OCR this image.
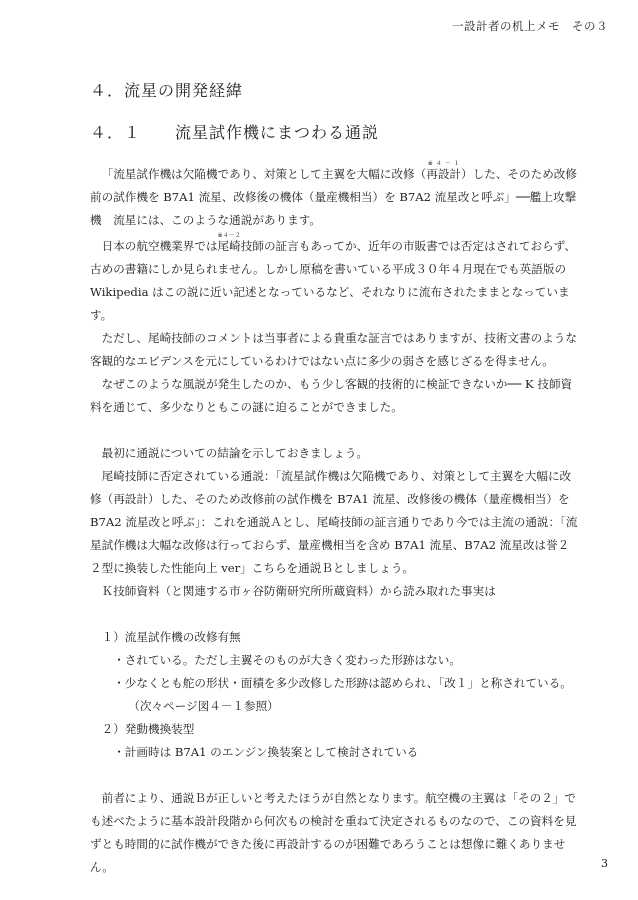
一設計者の机上メモ　その３
４．流星の開発経緯
４．１　　流星試作機にまつわる通説

「流星試作機は欠陥機であり、対策として主翼を大幅に改修（再設計※４－１）した、そのため改修前の試作機を B7A1 流星、改修後の機体（量産機相当）を B7A2 流星改と呼ぶ」──艦上攻撃機　流星には、このような通説があります。

日本の航空機業界では尾崎※４－２技師の証言もあってか、近年の市販書では否定はされておらず、古めの書籍にしか見られません。しかし原稿を書いている平成３０年４月現在でも英語版の Wikipedia はこの説に近い記述となっているなど、それなりに流布されたままとなっています。

ただし、尾崎技師のコメントは当事者による貴重な証言ではありますが、技術文書のような客観的なエビデンスを元にしているわけではない点に多少の弱さを感じざるを得ません。

なぜこのような風説が発生したのか、もう少し客観的技術的に検証できないか── K 技師資料を通じて、多少なりともこの謎に迫ることができました。

最初に通説についての結論を示しておきましょう。

尾崎技師に否定されている通説：「流星試作機は欠陥機であり、対策として主翼を大幅に改修（再設計）した、そのため改修前の試作機を B7A1 流星、改修後の機体（量産機相当）を B7A2 流星改と呼ぶ」：これを通説Ａとし、尾崎技師の証言通りであり今では主流の通説：「流星試作機は大幅な改修は行っておらず、量産機相当を含め B7A1 流星、B7A2 流星改は誉２２型に換装した性能向上 ver」こちらを通説Ｂとしましょう。

Ｋ技師資料（と関連する市ヶ谷防衛研究所所蔵資料）から読み取れた事実は

１）流星試作機の改修有無

・されている。ただし主翼そのものが大きく変わった形跡はない。

・少なくとも舵の形状・面積を多少改修した形跡は認められ、「改１」と称されている。

（次々ページ図４－１参照）

２）発動機換装型

・計画時は B7A1 のエンジン換装案として検討されている

前者により、通説Ｂが正しいと考えたほうが自然となります。航空機の主翼は「その２」でも述べたように基本設計段階から何次もの検討を重ねて決定されるものなので、この資料を見ずとも時間的に試作機ができた後に再設計するのが困難であろうことは想像に難くありません。	3
